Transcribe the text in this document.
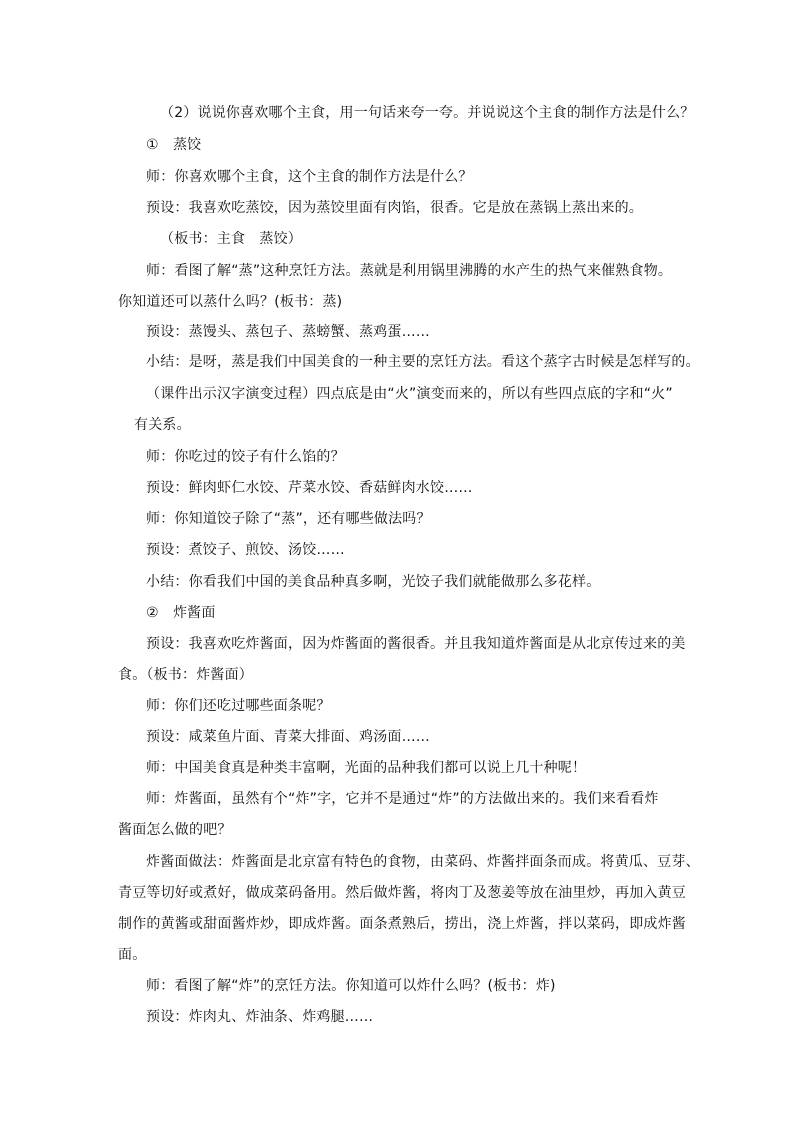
（2）说说你喜欢哪个主食，用一句话来夸一夸。并说说这个主食的制作方法是什么？
①　蒸饺
师：你喜欢哪个主食，这个主食的制作方法是什么？
预设：我喜欢吃蒸饺，因为蒸饺里面有肉馅，很香。它是放在蒸锅上蒸出来的。
（板书：主食　蒸饺）
师：看图了解“蒸”这种烹饪方法。蒸就是利用锅里沸腾的水产生的热气来催熟食物。
你知道还可以蒸什么吗？(板书：蒸)
预设：蒸馒头、蒸包子、蒸螃蟹、蒸鸡蛋……
小结：是呀，蒸是我们中国美食的一种主要的烹饪方法。看这个蒸字古时候是怎样写的。
（课件出示汉字演变过程）四点底是由“火”演变而来的，所以有些四点底的字和“火”
有关系。
师：你吃过的饺子有什么馅的？
预设：鲜肉虾仁水饺、芹菜水饺、香菇鲜肉水饺……
师：你知道饺子除了“蒸”，还有哪些做法吗？
预设：煮饺子、煎饺、汤饺……
小结：你看我们中国的美食品种真多啊，光饺子我们就能做那么多花样。
②　炸酱面
预设：我喜欢吃炸酱面，因为炸酱面的酱很香。并且我知道炸酱面是从北京传过来的美
食。（板书：炸酱面）
师：你们还吃过哪些面条呢？
预设：咸菜鱼片面、青菜大排面、鸡汤面……
师：中国美食真是种类丰富啊，光面的品种我们都可以说上几十种呢！
师：炸酱面，虽然有个“炸”字，它并不是通过“炸”的方法做出来的。我们来看看炸
酱面怎么做的吧？
炸酱面做法：炸酱面是北京富有特色的食物，由菜码、炸酱拌面条而成。将黄瓜、豆芽、
青豆等切好或煮好，做成菜码备用。然后做炸酱，将肉丁及葱姜等放在油里炒，再加入黄豆
制作的黄酱或甜面酱炸炒，即成炸酱。面条煮熟后，捞出，浇上炸酱，拌以菜码，即成炸酱
面。
师：看图了解“炸”的烹饪方法。你知道可以炸什么吗？(板书：炸)
预设：炸肉丸、炸油条、炸鸡腿……
